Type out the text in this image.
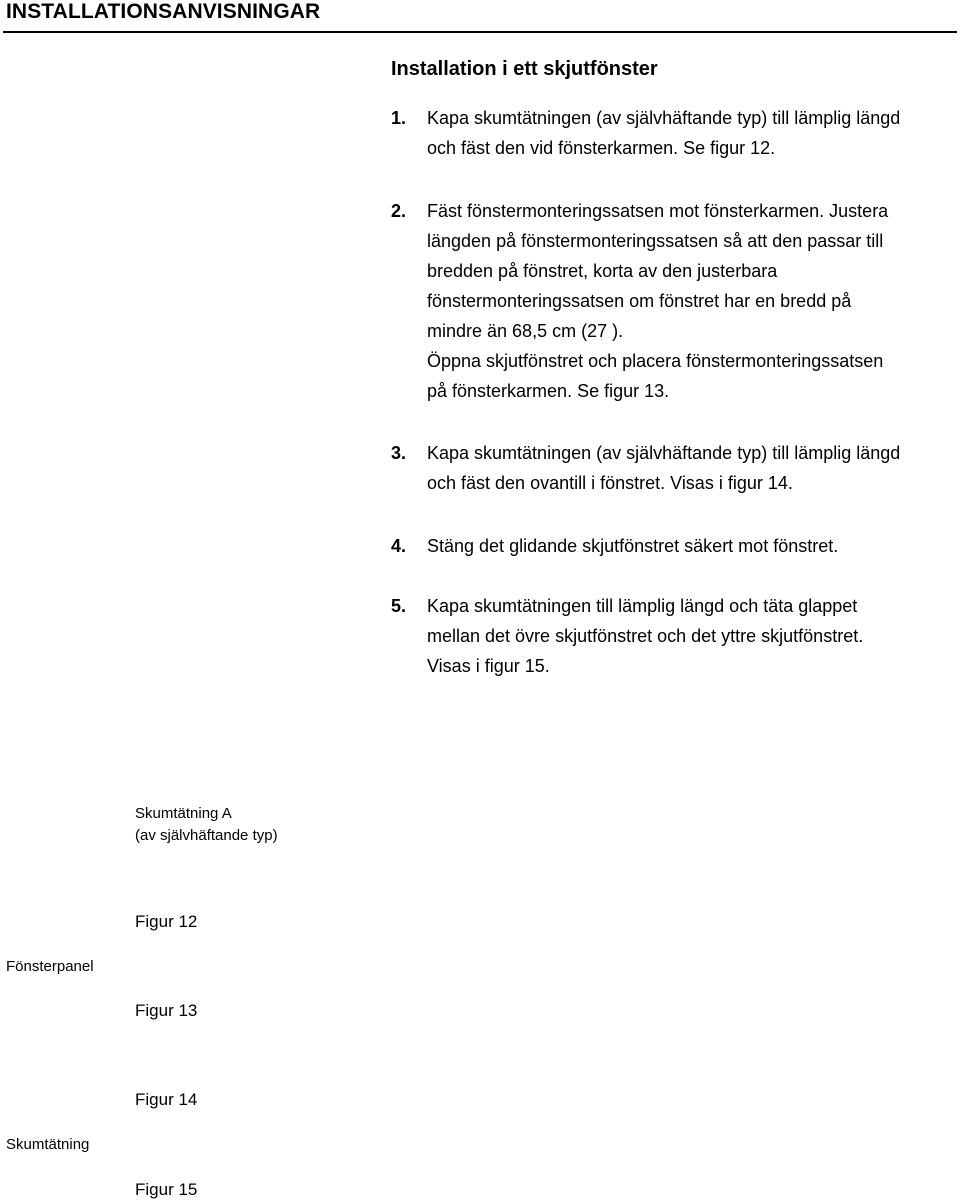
INSTALLATIONSANVISNINGAR
Installation i ett skjutfönster
1. Kapa skumtätningen (av självhäftande typ) till lämplig längd
och fäst den vid fönsterkarmen. Se figur 12.
2. Fäst fönstermonteringssatsen mot fönsterkarmen. Justera
längden på fönstermonteringssatsen så att den passar till
bredden på fönstret, korta av den justerbara
fönstermonteringssatsen om fönstret har en bredd på
mindre än 68,5 cm (27 ).
Öppna skjutfönstret och placera fönstermonteringssatsen
på fönsterkarmen. Se figur 13.
3. Kapa skumtätningen (av självhäftande typ) till lämplig längd
och fäst den ovantill i fönstret. Visas i figur 14.
4. Stäng det glidande skjutfönstret säkert mot fönstret.
5. Kapa skumtätningen till lämplig längd och täta glappet
mellan det övre skjutfönstret och det yttre skjutfönstret.
Visas i figur 15.
Skumtätning A
(av självhäftande typ)
Figur 12
Fönsterpanel
Figur 13
Figur 14
Skumtätning
Figur 15
